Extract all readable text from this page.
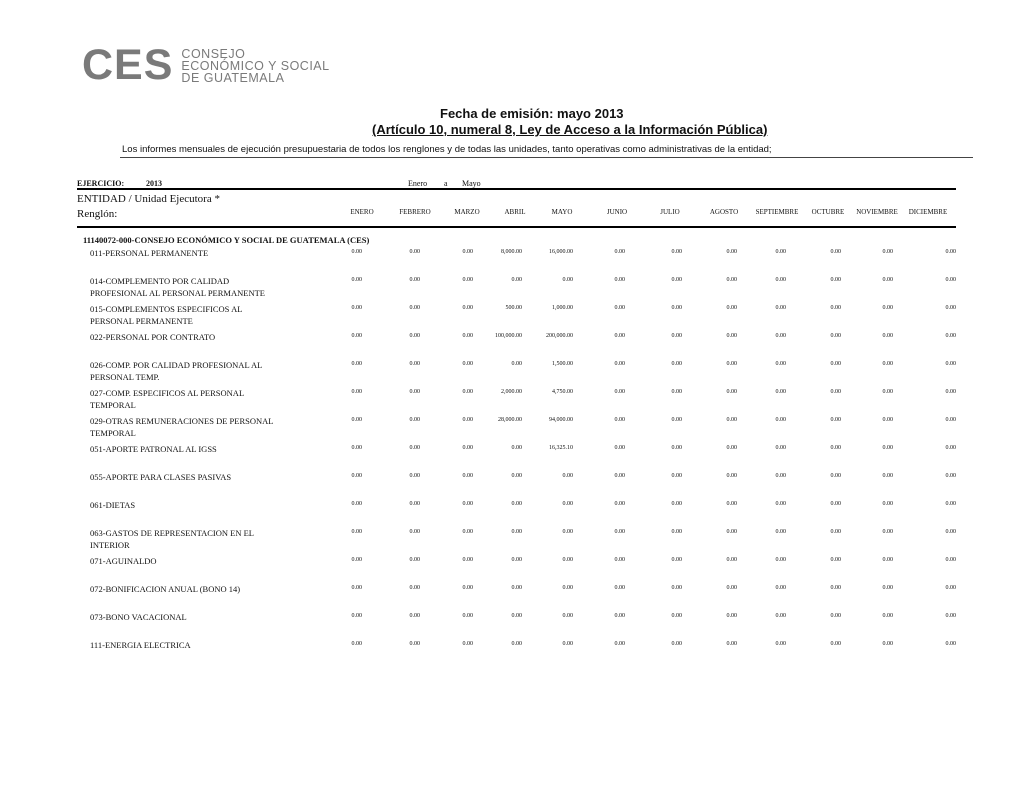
CES CONSEJO
ECONÓMICO Y SOCIAL
DE GUATEMALA
Fecha de emisión: mayo 2013
(Artículo 10, numeral 8, Ley de Acceso a la Información Pública)
Los informes mensuales de ejecución presupuestaria de todos los renglones y de todas las unidades, tanto operativas como administrativas de la entidad;
EJERCICIO:	2013	Enero a Mayo
ENTIDAD / Unidad Ejecutora *
Renglón:	ENERO	FEBRERO	MARZO	ABRIL	MAYO	JUNIO	JULIO	AGOSTO	SEPTIEMBRE	OCTUBRE	NOVIEMBRE	DICIEMBRE
11140072-000-CONSEJO ECONÓMICO Y SOCIAL DE GUATEMALA (CES)
011-PERSONAL PERMANENTE	0.00	0.00	0.00	8,000.00	16,000.00	0.00	0.00	0.00	0.00	0.00	0.00	0.00
014-COMPLEMENTO POR CALIDAD PROFESIONAL AL PERSONAL PERMANENTE
0.00	0.00	0.00	0.00	0.00	0.00	0.00	0.00	0.00	0.00	0.00	0.00
015-COMPLEMENTOS ESPECIFICOS AL PERSONAL PERMANENTE
0.00	0.00	0.00	500.00	1,000.00	0.00	0.00	0.00	0.00	0.00	0.00	0.00
022-PERSONAL POR CONTRATO	0.00	0.00	0.00	100,000.00	200,000.00	0.00	0.00	0.00	0.00	0.00	0.00	0.00
026-COMP. POR CALIDAD PROFESIONAL AL PERSONAL TEMP.
0.00	0.00	0.00	0.00	1,500.00	0.00	0.00	0.00	0.00	0.00	0.00	0.00
027-COMP. ESPECIFICOS AL PERSONAL TEMPORAL
0.00	0.00	0.00	2,000.00	4,750.00	0.00	0.00	0.00	0.00	0.00	0.00	0.00
029-OTRAS REMUNERACIONES DE PERSONAL TEMPORAL
0.00	0.00	0.00	28,000.00	94,000.00	0.00	0.00	0.00	0.00	0.00	0.00	0.00
051-APORTE PATRONAL AL IGSS	0.00	0.00	0.00	0.00	16,325.10	0.00	0.00	0.00	0.00	0.00	0.00	0.00
055-APORTE PARA CLASES PASIVAS	0.00	0.00	0.00	0.00	0.00	0.00	0.00	0.00	0.00	0.00	0.00	0.00
061-DIETAS	0.00	0.00	0.00	0.00	0.00	0.00	0.00	0.00	0.00	0.00	0.00	0.00
063-GASTOS DE REPRESENTACION EN EL INTERIOR
0.00	0.00	0.00	0.00	0.00	0.00	0.00	0.00	0.00	0.00	0.00	0.00
071-AGUINALDO	0.00	0.00	0.00	0.00	0.00	0.00	0.00	0.00	0.00	0.00	0.00	0.00
072-BONIFICACION ANUAL (BONO 14)	0.00	0.00	0.00	0.00	0.00	0.00	0.00	0.00	0.00	0.00	0.00	0.00
073-BONO VACACIONAL	0.00	0.00	0.00	0.00	0.00	0.00	0.00	0.00	0.00	0.00	0.00	0.00
111-ENERGIA ELECTRICA	0.00	0.00	0.00	0.00	0.00	0.00	0.00	0.00	0.00	0.00	0.00	0.00
